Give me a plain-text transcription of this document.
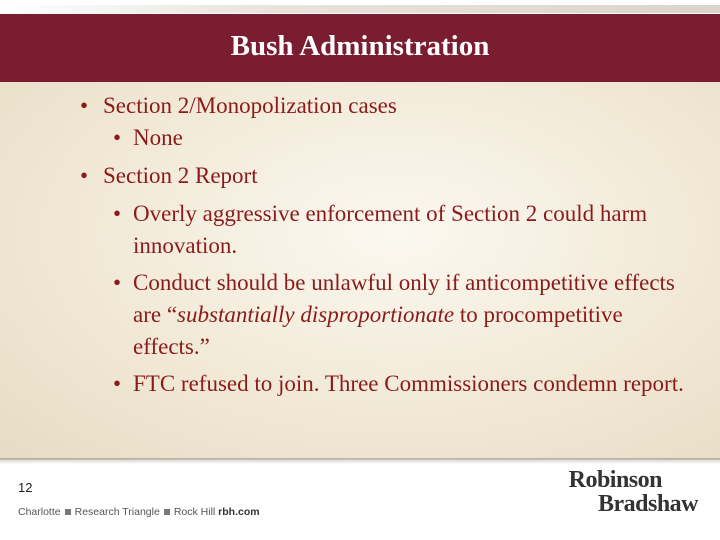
Bush Administration
• Section 2/Monopolization cases
• None
• Section 2 Report
• Overly aggressive enforcement of Section 2 could harm innovation.
• Conduct should be unlawful only if anticompetitive effects are “substantially disproportionate to procompetitive effects.”
• FTC refused to join. Three Commissioners condemn report.
12
Charlotte Research Triangle Rock Hill rbh.com
Robinson
Bradshaw
